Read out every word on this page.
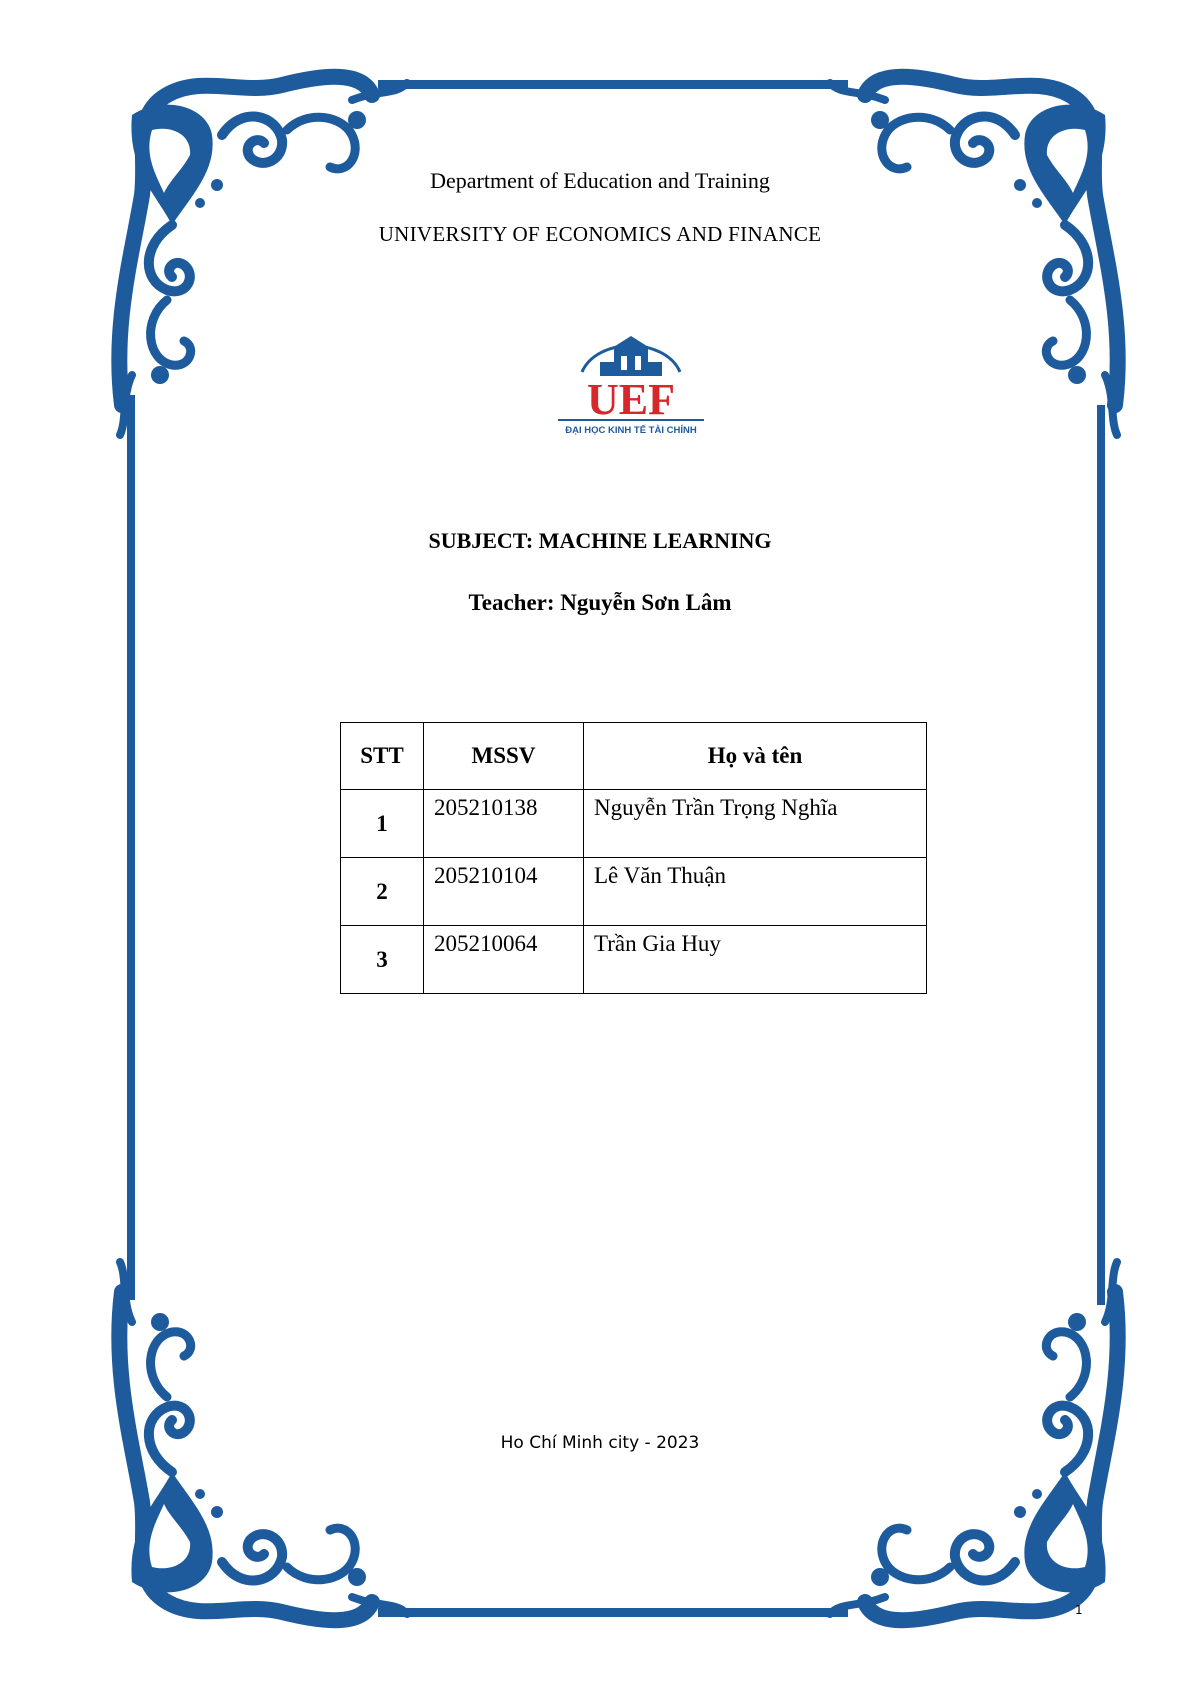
Department of Education and Training
UNIVERSITY OF ECONOMICS AND FINANCE
UEF
ĐẠI HỌC KINH TẾ TÀI CHÍNH
SUBJECT: MACHINE LEARNING
Teacher: Nguyễn Sơn Lâm
STT	MSSV	Họ và tên
1	205210138	Nguyễn Trần Trọng Nghĩa
2	205210104	Lê Văn Thuận
3	205210064	Trần Gia Huy
Ho Chí Minh city - 2023
1
